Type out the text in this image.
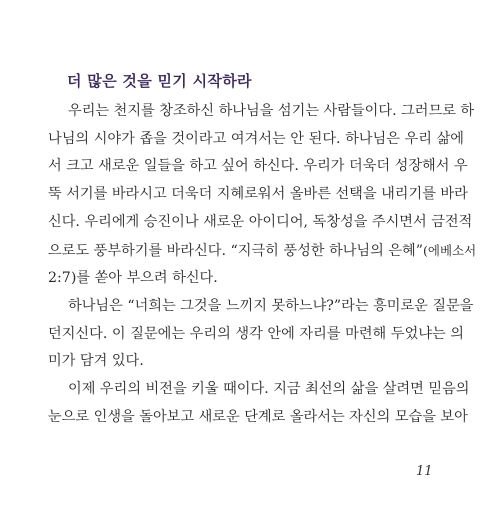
더 많은 것을 믿기 시작하라

우리는 천지를 창조하신 하나님을 섬기는 사람들이다. 그러므로 하
나님의 시야가 좁을 것이라고 여겨서는 안 된다. 하나님은 우리 삶에
서 크고 새로운 일들을 하고 싶어 하신다. 우리가 더욱더 성장해서 우
뚝 서기를 바라시고 더욱더 지혜로워서 올바른 선택을 내리기를 바라
신다. 우리에게 승진이나 새로운 아이디어, 독창성을 주시면서 금전적
으로도 풍부하기를 바라신다. “지극히 풍성한 하나님의 은혜”(에베소서
2:7)를 쏟아 부으려 하신다.

하나님은 “너희는 그것을 느끼지 못하느냐?”라는 흥미로운 질문을
던지신다. 이 질문에는 우리의 생각 안에 자리를 마련해 두었냐는 의
미가 담겨 있다.

이제 우리의 비전을 키울 때이다. 지금 최선의 삶을 살려면 믿음의
눈으로 인생을 돌아보고 새로운 단계로 올라서는 자신의 모습을 보아

11
